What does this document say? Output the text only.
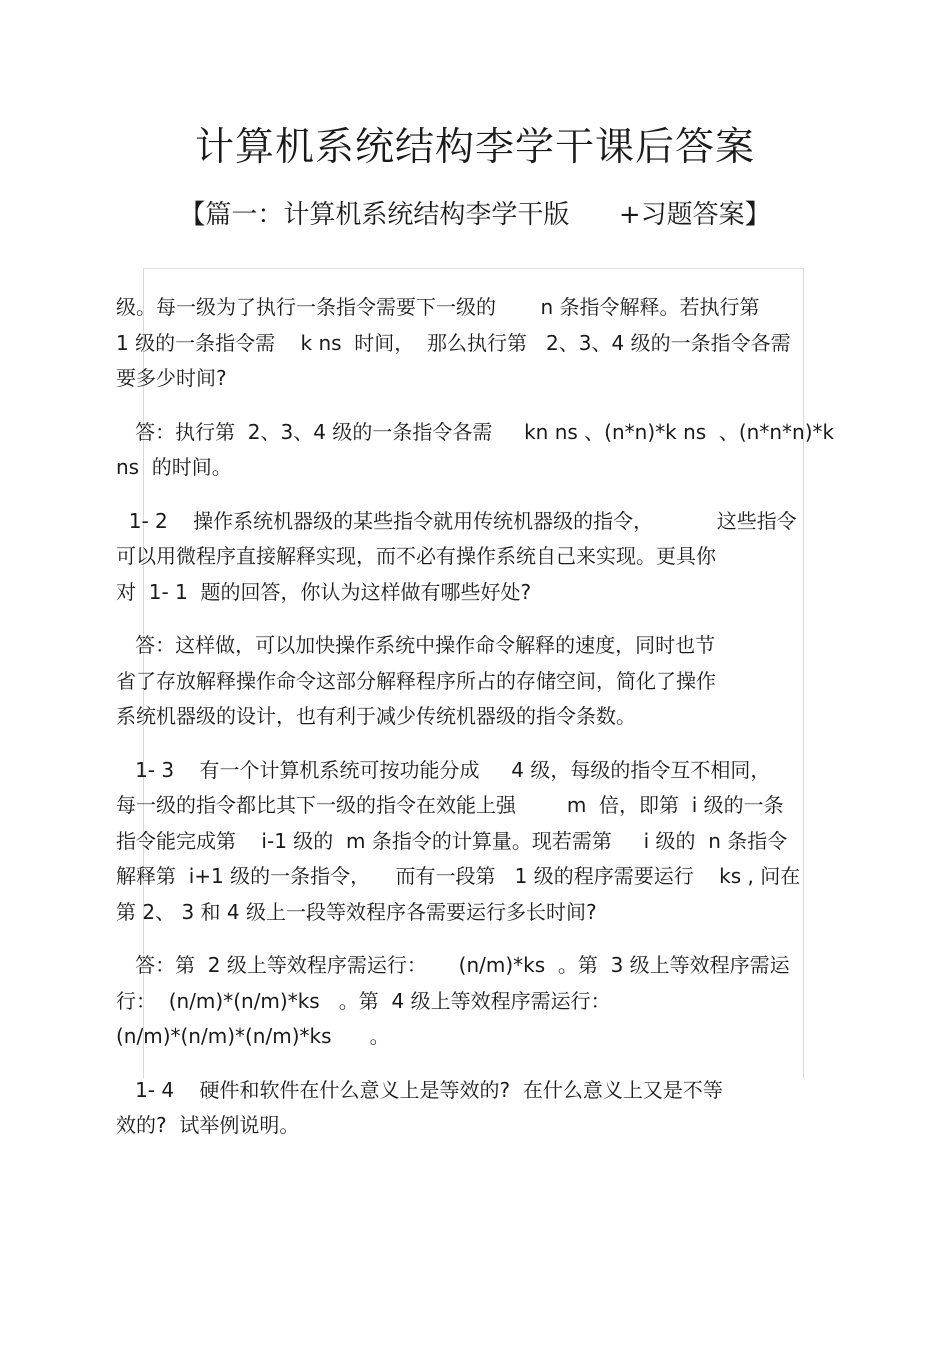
计算机系统结构李学干课后答案
【篇一：计算机系统结构李学干版      +习题答案】

级。每一级为了执行一条指令需要下一级的       n 条指令解释。若执行第
1 级的一条指令需    k ns  时间，  那么执行第   2、3、4 级的一条指令各需
要多少时间?

答：执行第  2、3、4 级的一条指令各需     kn ns 、(n*n)*k ns  、(n*n*n)*k
ns  的时间。

1- 2    操作系统机器级的某些指令就用传统机器级的指令，          这些指令
可以用微程序直接解释实现，而不必有操作系统自己来实现。更具你
对  1- 1  题的回答，你认为这样做有哪些好处?

答：这样做，可以加快操作系统中操作命令解释的速度，同时也节
省了存放解释操作命令这部分解释程序所占的存储空间，简化了操作
系统机器级的设计，也有利于减少传统机器级的指令条数。

1- 3    有一个计算机系统可按功能分成     4 级，每级的指令互不相同，
每一级的指令都比其下一级的指令在效能上强        m  倍，即第  i 级的一条
指令能完成第    i-1 级的  m 条指令的计算量。现若需第     i 级的  n 条指令
解释第  i+1 级的一条指令，    而有一段第   1 级的程序需要运行    ks , 问在
第 2、 3 和 4 级上一段等效程序各需要运行多长时间?

答：第  2 级上等效程序需运行：     (n/m)*ks  。第  3 级上等效程序需运
行：  (n/m)*(n/m)*ks   。第  4 级上等效程序需运行：
(n/m)*(n/m)*(n/m)*ks      。

1- 4    硬件和软件在什么意义上是等效的?  在什么意义上又是不等
效的?  试举例说明。
